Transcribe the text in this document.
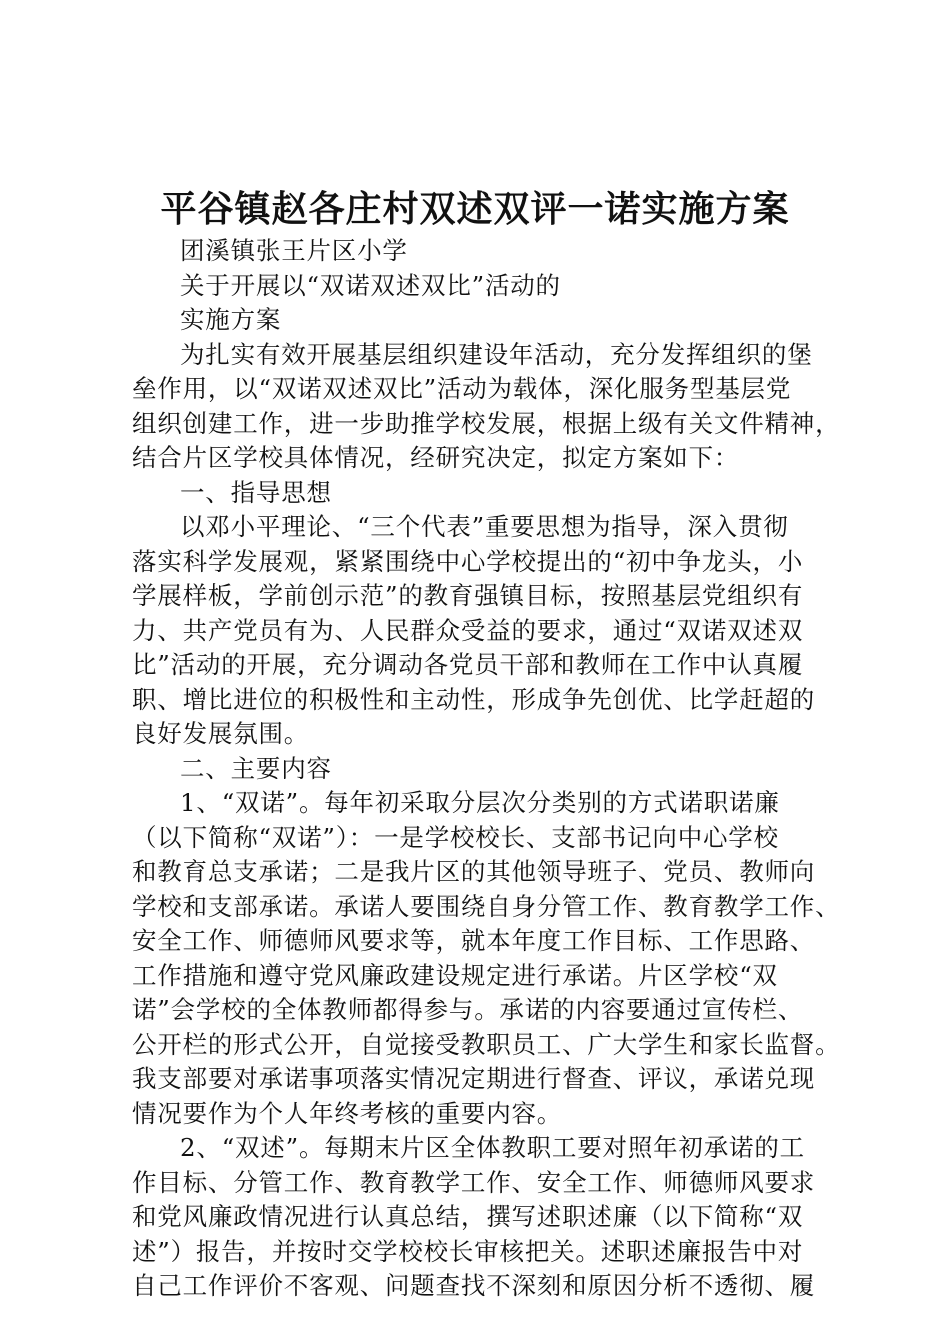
平谷镇赵各庄村双述双评一诺实施方案
团溪镇张王片区小学
关于开展以“双诺双述双比”活动的
实施方案
为扎实有效开展基层组织建设年活动，充分发挥组织的堡
垒作用，以“双诺双述双比”活动为载体，深化服务型基层党
组织创建工作，进一步助推学校发展，根据上级有关文件精神，
结合片区学校具体情况，经研究决定，拟定方案如下：
一、指导思想
以邓小平理论、“三个代表”重要思想为指导，深入贯彻
落实科学发展观，紧紧围绕中心学校提出的“初中争龙头，小
学展样板，学前创示范”的教育强镇目标，按照基层党组织有
力、共产党员有为、人民群众受益的要求，通过“双诺双述双
比”活动的开展，充分调动各党员干部和教师在工作中认真履
职、增比进位的积极性和主动性，形成争先创优、比学赶超的
良好发展氛围。
二、主要内容
1、“双诺”。每年初采取分层次分类别的方式诺职诺廉
（以下简称“双诺”）：一是学校校长、支部书记向中心学校
和教育总支承诺；二是我片区的其他领导班子、党员、教师向
学校和支部承诺。承诺人要围绕自身分管工作、教育教学工作、
安全工作、师德师风要求等，就本年度工作目标、工作思路、
工作措施和遵守党风廉政建设规定进行承诺。片区学校“双
诺”会学校的全体教师都得参与。承诺的内容要通过宣传栏、
公开栏的形式公开，自觉接受教职员工、广大学生和家长监督。
我支部要对承诺事项落实情况定期进行督查、评议，承诺兑现
情况要作为个人年终考核的重要内容。
2、“双述”。每期末片区全体教职工要对照年初承诺的工
作目标、分管工作、教育教学工作、安全工作、师德师风要求
和党风廉政情况进行认真总结，撰写述职述廉（以下简称“双
述”）报告，并按时交学校校长审核把关。述职述廉报告中对
自己工作评价不客观、问题查找不深刻和原因分析不透彻、履
